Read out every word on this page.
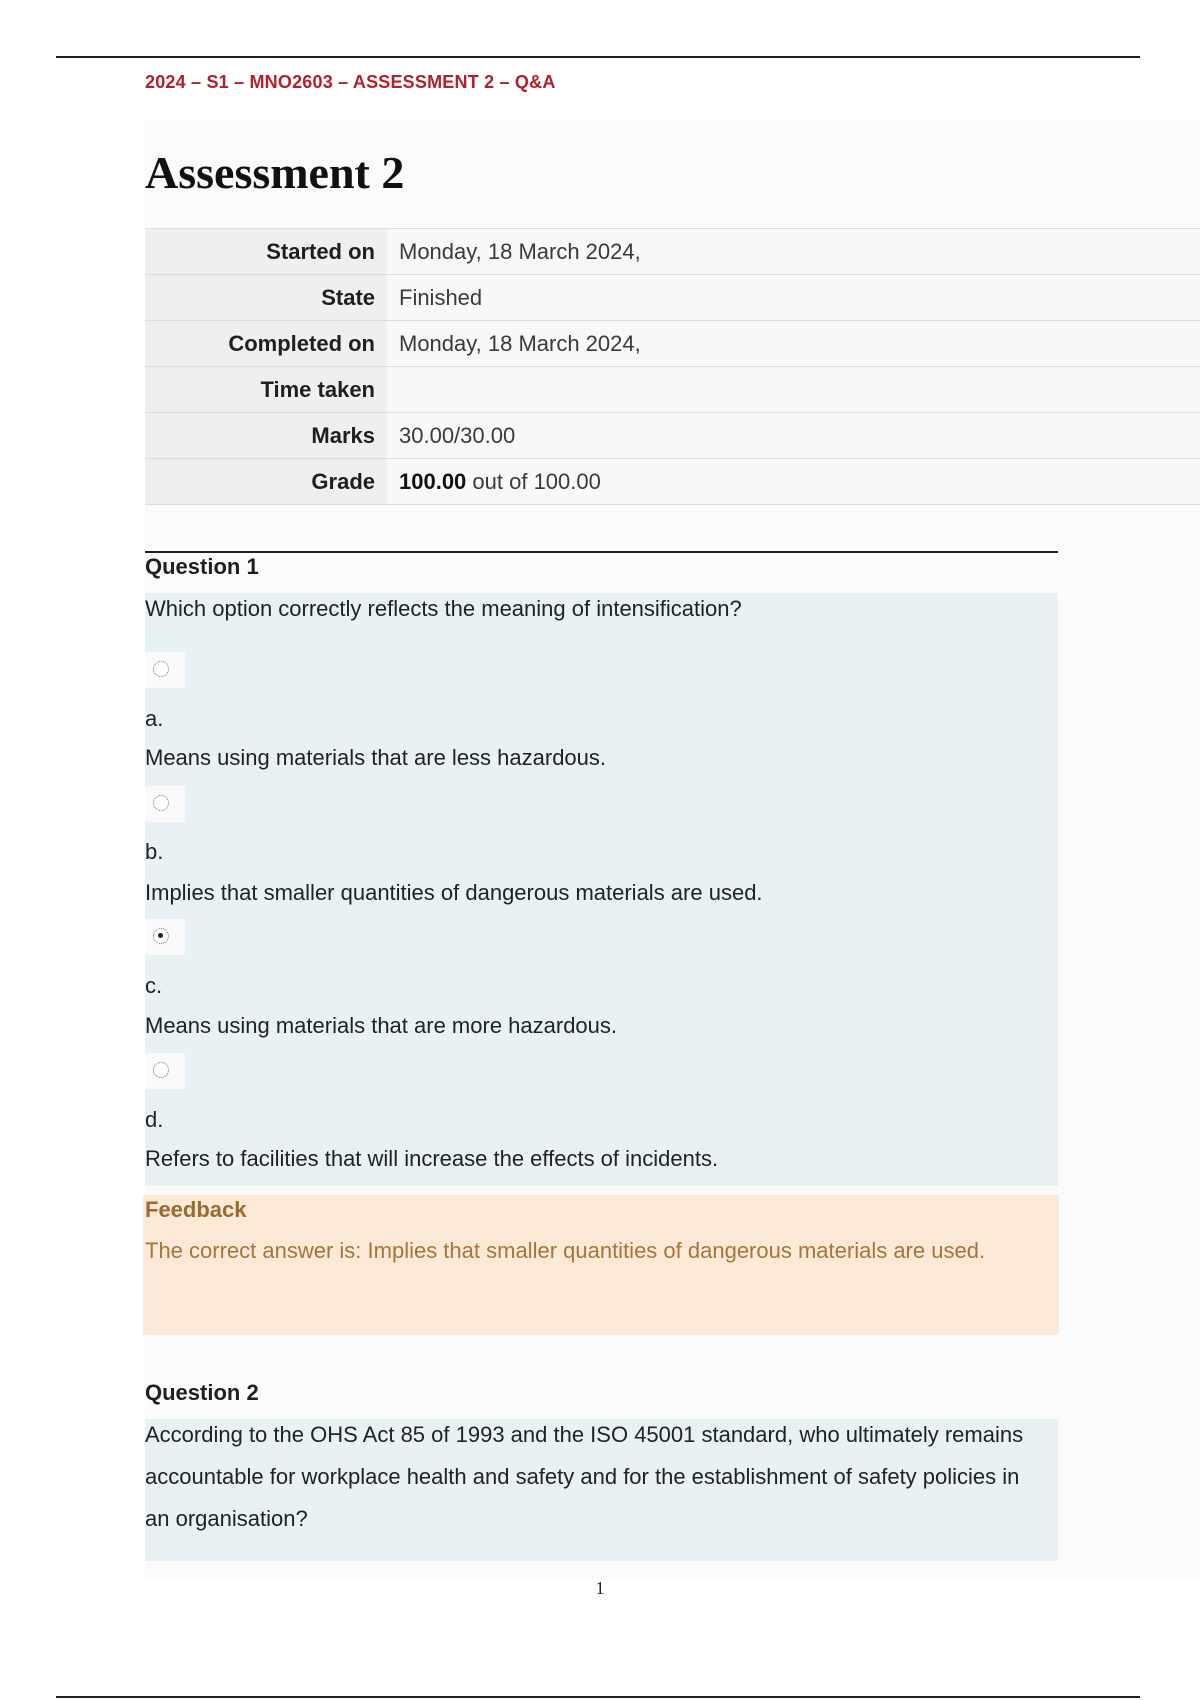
2024 – S1 – MNO2603 – ASSESSMENT 2 – Q&A
Assessment 2
Started on	Monday, 18 March 2024,
State	Finished
Completed on	Monday, 18 March 2024,
Time taken	
Marks	30.00/30.00
Grade	100.00 out of 100.00
Question 1
Which option correctly reflects the meaning of intensification?
a.
Means using materials that are less hazardous.
b.
Implies that smaller quantities of dangerous materials are used.
c.
Means using materials that are more hazardous.
d.
Refers to facilities that will increase the effects of incidents.
Feedback
The correct answer is: Implies that smaller quantities of dangerous materials are used.
Question 2
According to the OHS Act 85 of 1993 and the ISO 45001 standard, who ultimately remains accountable for workplace health and safety and for the establishment of safety policies in an organisation?
1
